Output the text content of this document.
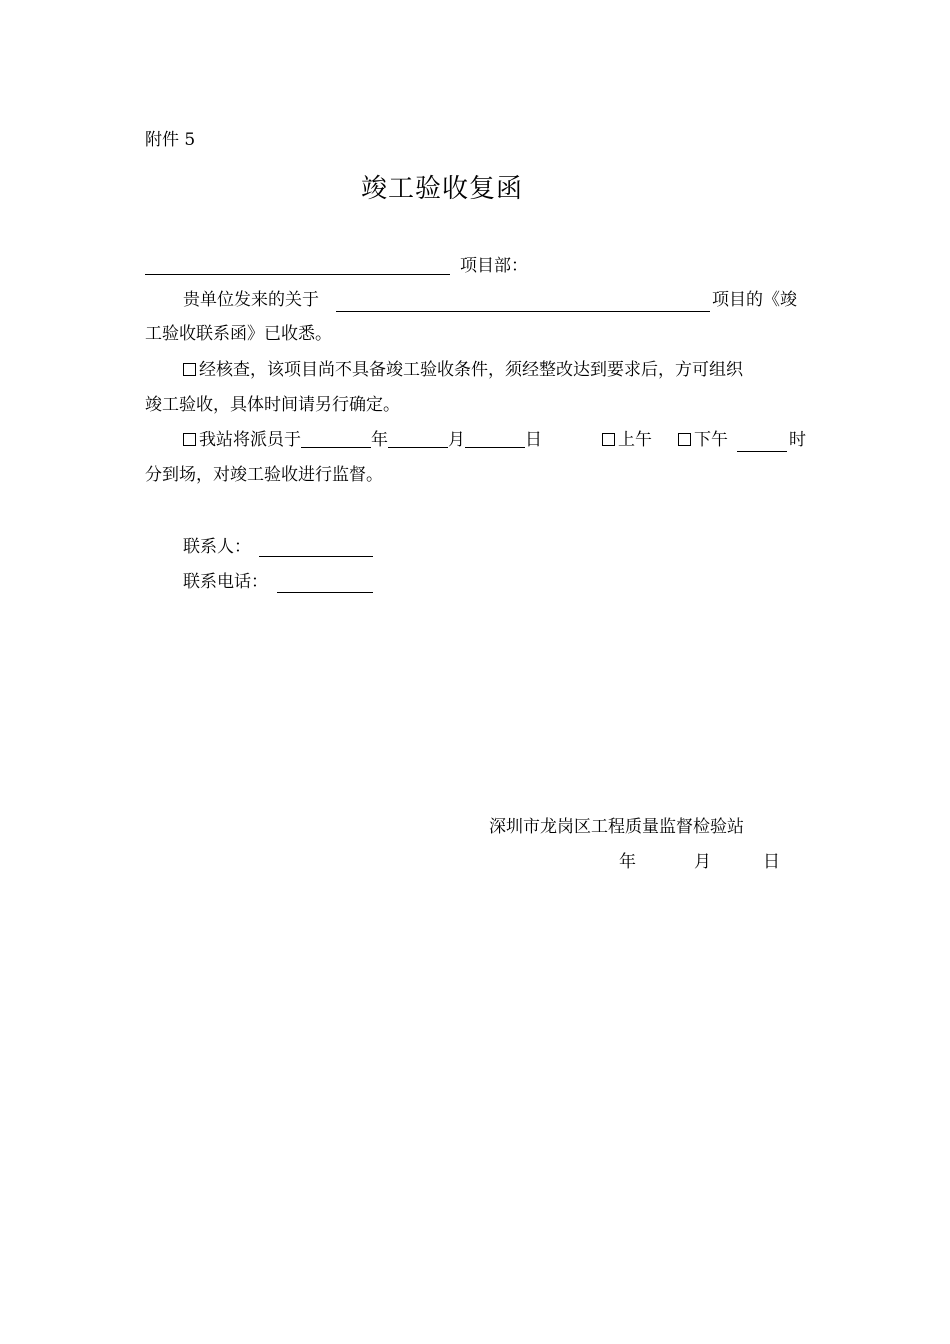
附件 5
竣工验收复函
项目部：
贵单位发来的关于	项目的《竣
工验收联系函》已收悉。
经核查，该项目尚不具备竣工验收条件，须经整改达到要求后，方可组织
竣工验收，具体时间请另行确定。
我站将派员于	年	月	日	上午	下午	时
分到场，对竣工验收进行监督。
联系人：
联系电话：
深圳市龙岗区工程质量监督检验站
年	月	日
